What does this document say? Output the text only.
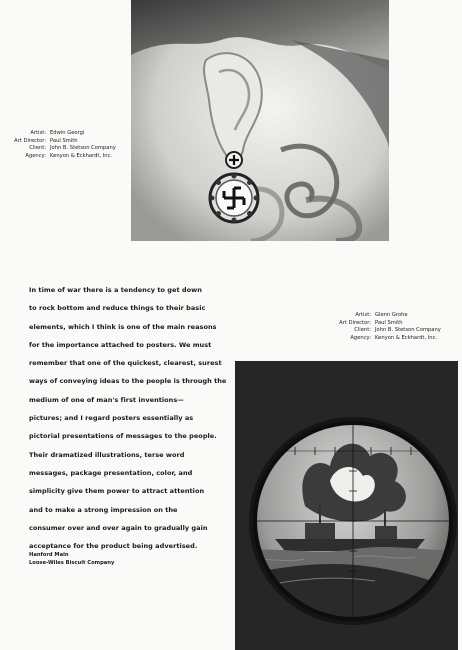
Artist: Edwin Georgi
Art Director: Paul Smith
Client: John B. Stetson Company
Agency: Kenyon & Eckhardt, Inc.
Artist: Glenn Grohe
Art Director: Paul Smith
Client: John B. Stetson Company
Agency: Kenyon & Eckhardt, Inc.
In time of war there is a tendency to get down
to rock bottom and reduce things to their basic
elements, which I think is one of the main reasons
for the importance attached to posters. We must
remember that one of the quickest, clearest, surest
ways of conveying ideas to the people is through the
medium of one of man's first inventions—
pictures; and I regard posters essentially as
pictorial presentations of messages to the people.
Their dramatized illustrations, terse word
messages, package presentation, color, and
simplicity give them power to attract attention
and to make a strong impression on the
consumer over and over again to gradually gain
acceptance for the product being advertised.
Hanford Main
Loose-Wiles Biscuit Company
